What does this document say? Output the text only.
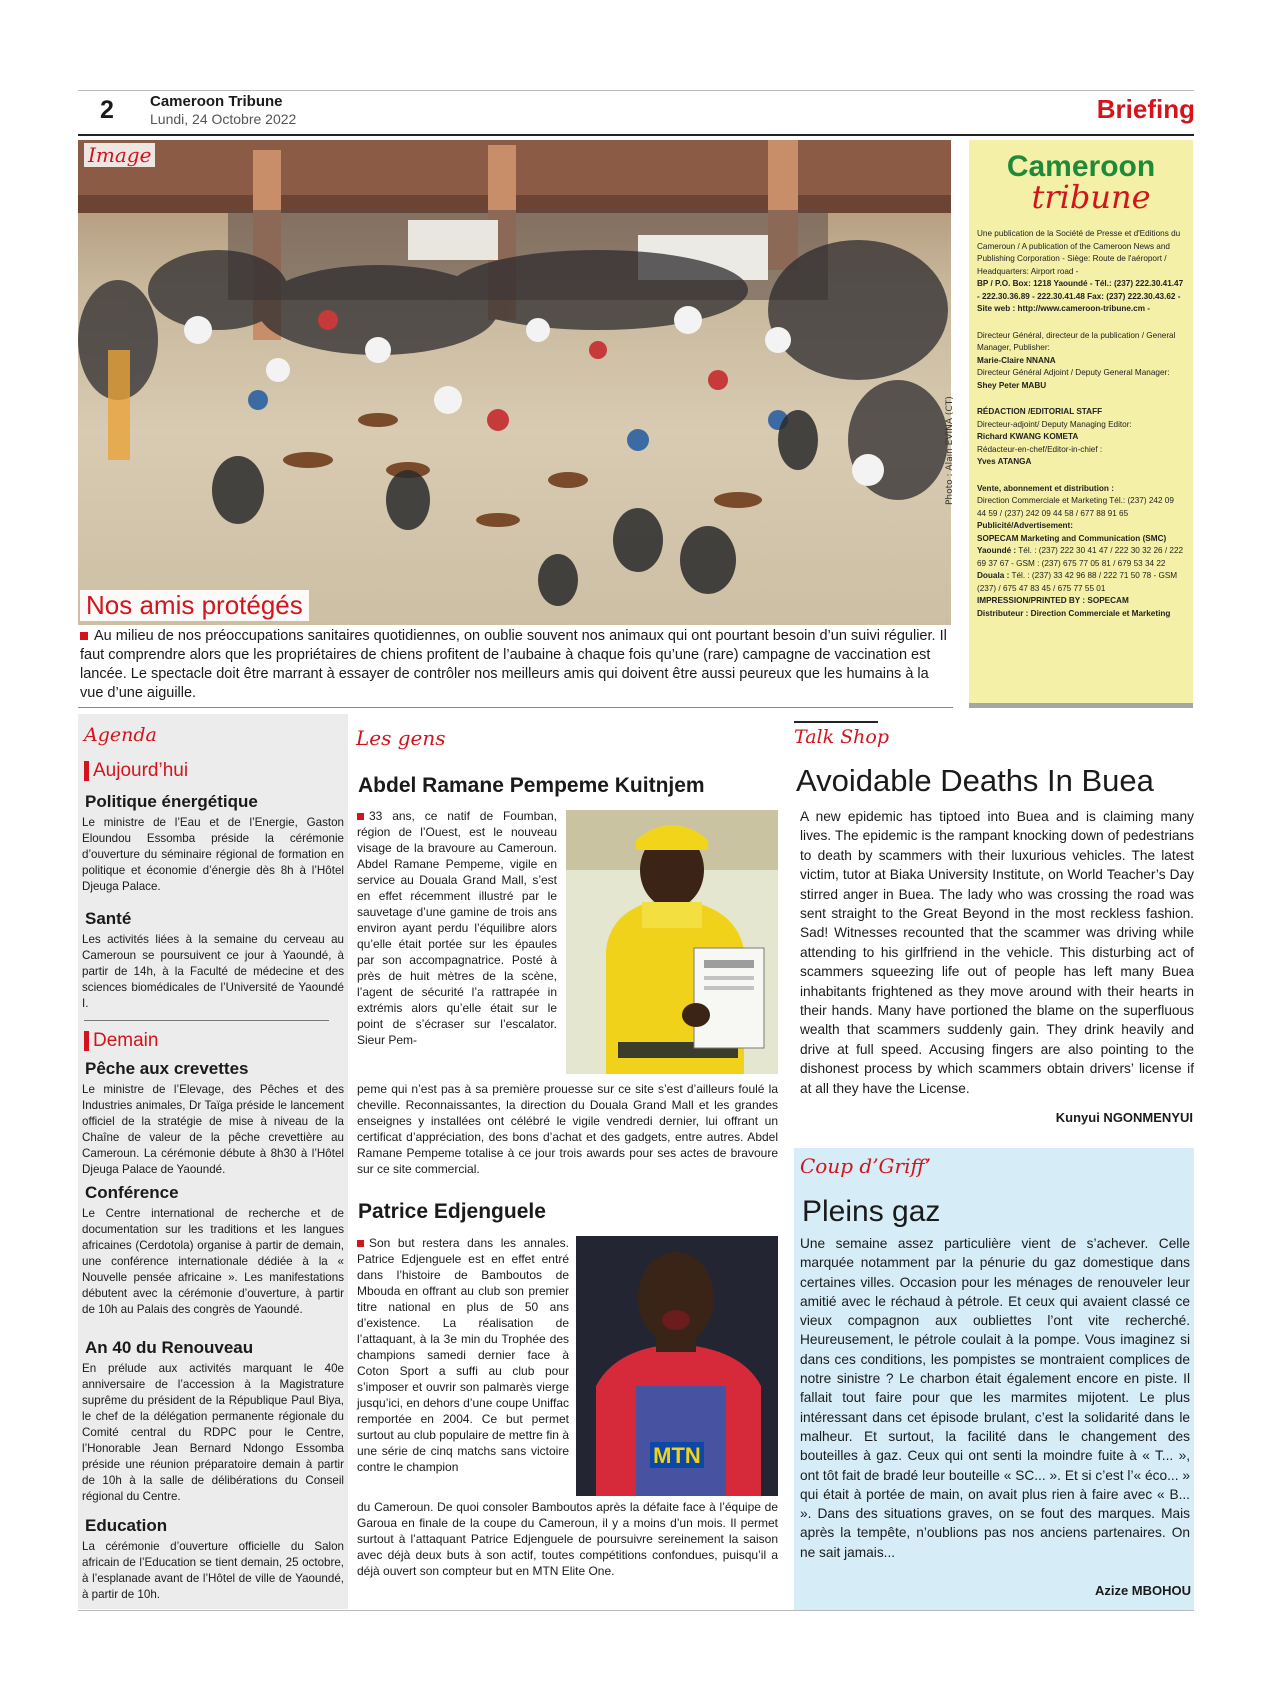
2 Cameroon Tribune
Lundi, 24 Octobre 2022	Briefing
Image
Photo : Alain EVINA (CT)
Nos amis protégés
Au milieu de nos préoccupations sanitaires quotidiennes, on oublie souvent nos animaux qui ont pourtant besoin d’un suivi régulier. Il faut comprendre alors que les propriétaires de chiens profitent de l’aubaine à chaque fois qu’une (rare) campagne de vaccination est lancée. Le spectacle doit être marrant à essayer de contrôler nos meilleurs amis qui doivent être aussi peureux que les humains à la vue d’une aiguille.
Cameroon
tribune
Une publication de la Société de Presse et d'Editions du Cameroun / A publication of the Cameroon News and Publishing Corporation - Siège: Route de l'aéroport / Headquarters: Airport road -
BP / P.O. Box: 1218 Yaoundé - Tél.: (237) 222.30.41.47 - 222.30.36.89 - 222.30.41.48 Fax: (237) 222.30.43.62 - Site web : http://www.cameroon-tribune.cm -
Directeur Général, directeur de la publication / General Manager, Publisher:
Marie-Claire NNANA
Directeur Général Adjoint / Deputy General Manager:
Shey Peter MABU
RÉDACTION /EDITORIAL STAFF
Directeur-adjoint/ Deputy Managing Editor:
Richard KWANG KOMETA
Rédacteur-en-chef/Editor-in-chief :
Yves ATANGA
Vente, abonnement et distribution :
Direction Commerciale et Marketing Tél.: (237) 242 09 44 59 / (237) 242 09 44 58 / 677 88 91 65
Publicité/Advertisement:
SOPECAM Marketing and Communication (SMC)
Yaoundé : Tél. : (237) 222 30 41 47 / 222 30 32 26 / 222 69 37 67 - GSM : (237) 675 77 05 81 / 679 53 34 22
Douala : Tél. : (237) 33 42 96 88 / 222 71 50 78 - GSM (237) / 675 47 83 45 / 675 77 55 01
IMPRESSION/PRINTED BY : SOPECAM
Distributeur : Direction Commerciale et Marketing
Agenda
Aujourd’hui
Politique énergétique
Le ministre de l’Eau et de l’Energie, Gaston Eloundou Essomba préside la cérémonie d’ouverture du séminaire régional de formation en politique et économie d’énergie dès 8h à l’Hôtel Djeuga Palace.
Santé
Les activités liées à la semaine du cerveau au Cameroun se poursuivent ce jour à Yaoundé, à partir de 14h, à la Faculté de médecine et des sciences biomédicales de l’Université de Yaoundé I.
Demain
Pêche aux crevettes
Le ministre de l’Elevage, des Pêches et des Industries animales, Dr Taïga préside le lancement officiel de la stratégie de mise à niveau de la Chaîne de valeur de la pêche crevettière au Cameroun. La cérémonie débute à 8h30 à l’Hôtel Djeuga Palace de Yaoundé.
Conférence
Le Centre international de recherche et de documentation sur les traditions et les langues africaines (Cerdotola) organise à partir de demain, une conférence internationale dédiée à la « Nouvelle pensée africaine ». Les manifestations débutent avec la cérémonie d’ouverture, à partir de 10h au Palais des congrès de Yaoundé.
An 40 du Renouveau
En prélude aux activités marquant le 40e anniversaire de l’accession à la Magistrature suprême du président de la République Paul Biya, le chef de la délégation permanente régionale du Comité central du RDPC pour le Centre, l’Honorable Jean Bernard Ndongo Essomba préside une réunion préparatoire demain à partir de 10h à la salle de délibérations du Conseil régional du Centre.
Education
La cérémonie d’ouverture officielle du Salon africain de l’Education se tient demain, 25 octobre, à l’esplanade avant de l’Hôtel de ville de Yaoundé, à partir de 10h.
Les gens
Abdel Ramane Pempeme Kuitnjem
33 ans, ce natif de Foumban, région de l’Ouest, est le nouveau visage de la bravoure au Cameroun. Abdel Ramane Pempeme, vigile en service au Douala Grand Mall, s’est en effet récemment illustré par le sauvetage d’une gamine de trois ans environ ayant perdu l’équilibre alors qu’elle était portée sur les épaules par son accompagnatrice. Posté à près de huit mètres de la scène, l’agent de sécurité l’a rattrapée in extrémis alors qu’elle était sur le point de s’écraser sur l’escalator. Sieur Pem-
peme qui n’est pas à sa première prouesse sur ce site s’est d’ailleurs foulé la cheville. Reconnaissantes, la direction du Douala Grand Mall et les grandes enseignes y installées ont célébré le vigile vendredi dernier, lui offrant un certificat d’appréciation, des bons d’achat et des gadgets, entre autres. Abdel Ramane Pempeme totalise à ce jour trois awards pour ses actes de bravoure sur ce site commercial.
Patrice Edjenguele
Son but restera dans les annales. Patrice Edjenguele est en effet entré dans l’histoire de Bamboutos de Mbouda en offrant au club son premier titre national en plus de 50 ans d’existence. La réalisation de l’attaquant, à la 3e min du Trophée des champions samedi dernier face à Coton Sport a suffi au club pour s’imposer et ouvrir son palmarès vierge jusqu’ici, en dehors d’une coupe Uniffac remportée en 2004. Ce but permet surtout au club populaire de mettre fin à une série de cinq matchs sans victoire contre le champion	MTN
du Cameroun. De quoi consoler Bamboutos après la défaite face à l’équipe de Garoua en finale de la coupe du Cameroun, il y a moins d’un mois. Il permet surtout à l’attaquant Patrice Edjenguele de poursuivre sereinement la saison avec déjà deux buts à son actif, toutes compétitions confondues, puisqu’il a déjà ouvert son compteur but en MTN Elite One.
Talk Shop
Avoidable Deaths In Buea
A new epidemic has tiptoed into Buea and is claiming many lives. The epidemic is the rampant knocking down of pedestrians to death by scammers with their luxurious vehicles. The latest victim, tutor at Biaka University Institute, on World Teacher’s Day stirred anger in Buea. The lady who was crossing the road was sent straight to the Great Beyond in the most reckless fashion. Sad! Witnesses recounted that the scammer was driving while attending to his girlfriend in the vehicle. This disturbing act of scammers squeezing life out of people has left many Buea inhabitants frightened as they move around with their hearts in their hands. Many have portioned the blame on the superfluous wealth that scammers suddenly gain. They drink heavily and drive at full speed. Accusing fingers are also pointing to the dishonest process by which scammers obtain drivers’ license if at all they have the License.
Kunyui NGONMENYUI
Coup d’Griff’
Pleins gaz
Une semaine assez particulière vient de s’achever. Celle marquée notamment par la pénurie du gaz domestique dans certaines villes. Occasion pour les ménages de renouveler leur amitié avec le réchaud à pétrole. Et ceux qui avaient classé ce vieux compagnon aux oubliettes l’ont vite recherché. Heureusement, le pétrole coulait à la pompe. Vous imaginez si dans ces conditions, les pompistes se montraient complices de notre sinistre ? Le charbon était également encore en piste. Il fallait tout faire pour que les marmites mijotent. Le plus intéressant dans cet épisode brulant, c’est la solidarité dans le malheur. Et surtout, la facilité dans le changement des bouteilles à gaz. Ceux qui ont senti la moindre fuite à « T... », ont tôt fait de bradé leur bouteille « SC... ». Et si c’est l’« éco... » qui était à portée de main, on avait plus rien à faire avec « B... ». Dans des situations graves, on se fout des marques. Mais après la tempête, n’oublions pas nos anciens partenaires. On ne sait jamais...
Azize MBOHOU
